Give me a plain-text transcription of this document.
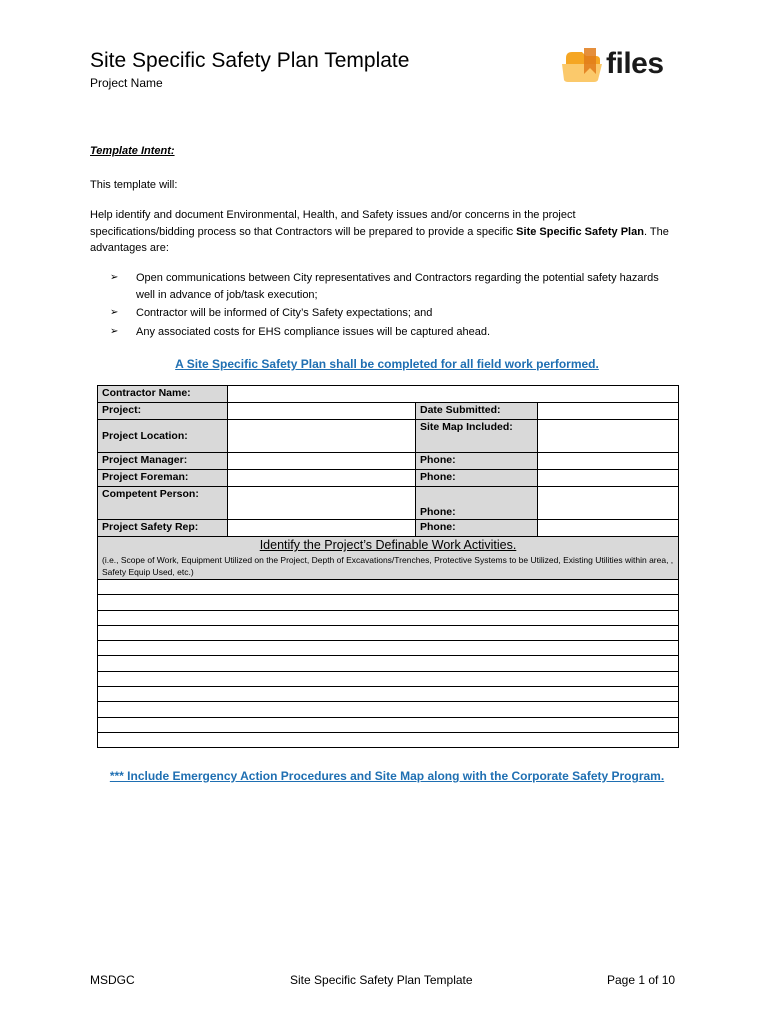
Site Specific Safety Plan Template
Project Name
files
Template Intent:
This template will:
Help identify and document Environmental, Health, and Safety issues and/or concerns in the project specifications/bidding process so that Contractors will be prepared to provide a specific Site Specific Safety Plan. The advantages are:
➢ Open communications between City representatives and Contractors regarding the potential safety hazards well in advance of job/task execution;
➢ Contractor will be informed of City’s Safety expectations; and
➢ Any associated costs for EHS compliance issues will be captured ahead.
A Site Specific Safety Plan shall be completed for all field work performed.
Contractor Name:			
Project:		Date Submitted:	
Project Location:		Site Map Included:	
Project Manager:		Phone:	
Project Foreman:		Phone:	
Competent Person:		Phone:	
Project Safety Rep:		Phone:	

Identify the Project’s Definable Work Activities.
(i.e., Scope of Work, Equipment Utilized on the Project, Depth of Excavations/Trenches, Protective Systems to be Utilized, Existing Utilities within area, , Safety Equip Used, etc.)			

*** Include Emergency Action Procedures and Site Map along with the Corporate Safety Program.
MSDGC	Site Specific Safety Plan Template	Page 1 of 10
